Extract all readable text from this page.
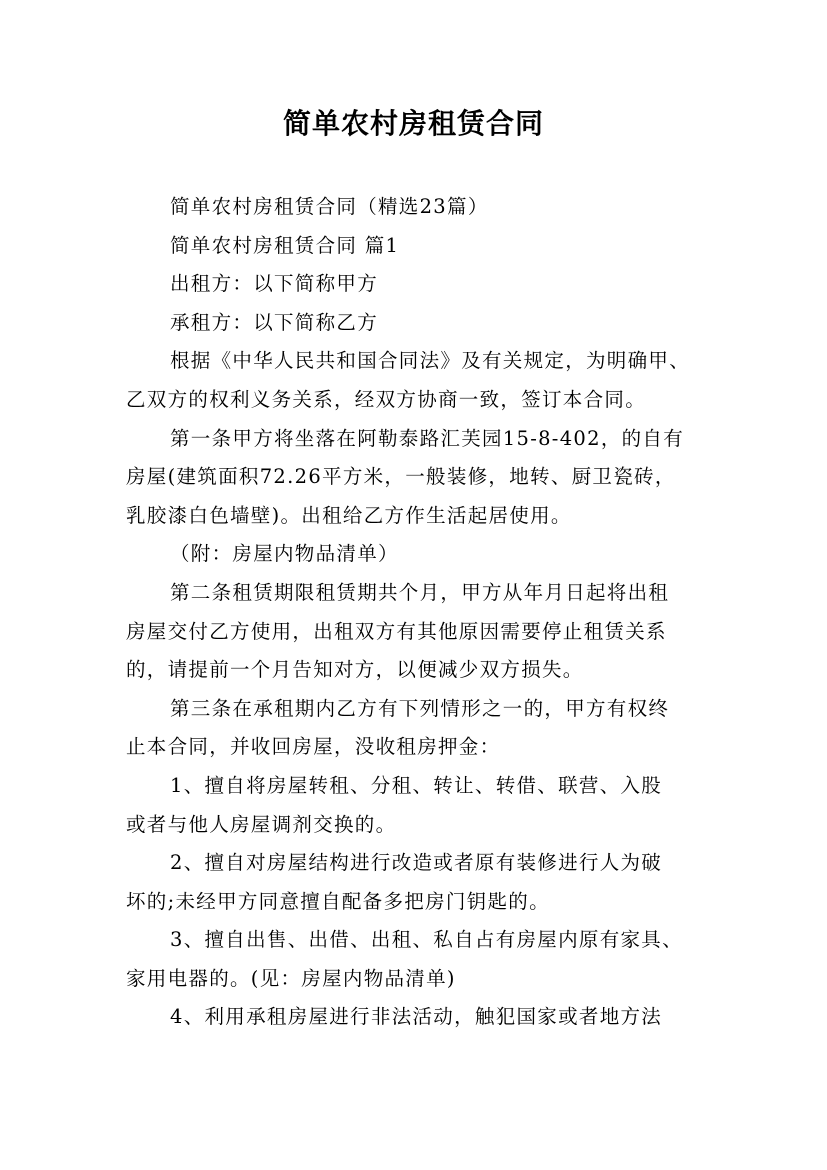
简单农村房租赁合同
简单农村房租赁合同（精选23篇）
简单农村房租赁合同 篇1
出租方：以下简称甲方
承租方：以下简称乙方
根据《中华人民共和国合同法》及有关规定，为明确甲、
乙双方的权利义务关系，经双方协商一致，签订本合同。
第一条甲方将坐落在阿勒泰路汇芙园15-8-402，的自有
房屋(建筑面积72.26平方米，一般装修，地转、厨卫瓷砖，
乳胶漆白色墙壁)。出租给乙方作生活起居使用。
（附：房屋内物品清单）
第二条租赁期限租赁期共个月，甲方从年月日起将出租
房屋交付乙方使用，出租双方有其他原因需要停止租赁关系
的，请提前一个月告知对方，以便减少双方损失。
第三条在承租期内乙方有下列情形之一的，甲方有权终
止本合同，并收回房屋，没收租房押金：
1、擅自将房屋转租、分租、转让、转借、联营、入股
或者与他人房屋调剂交换的。
2、擅自对房屋结构进行改造或者原有装修进行人为破
坏的;未经甲方同意擅自配备多把房门钥匙的。
3、擅自出售、出借、出租、私自占有房屋内原有家具、
家用电器的。(见：房屋内物品清单)
4、利用承租房屋进行非法活动，触犯国家或者地方法
